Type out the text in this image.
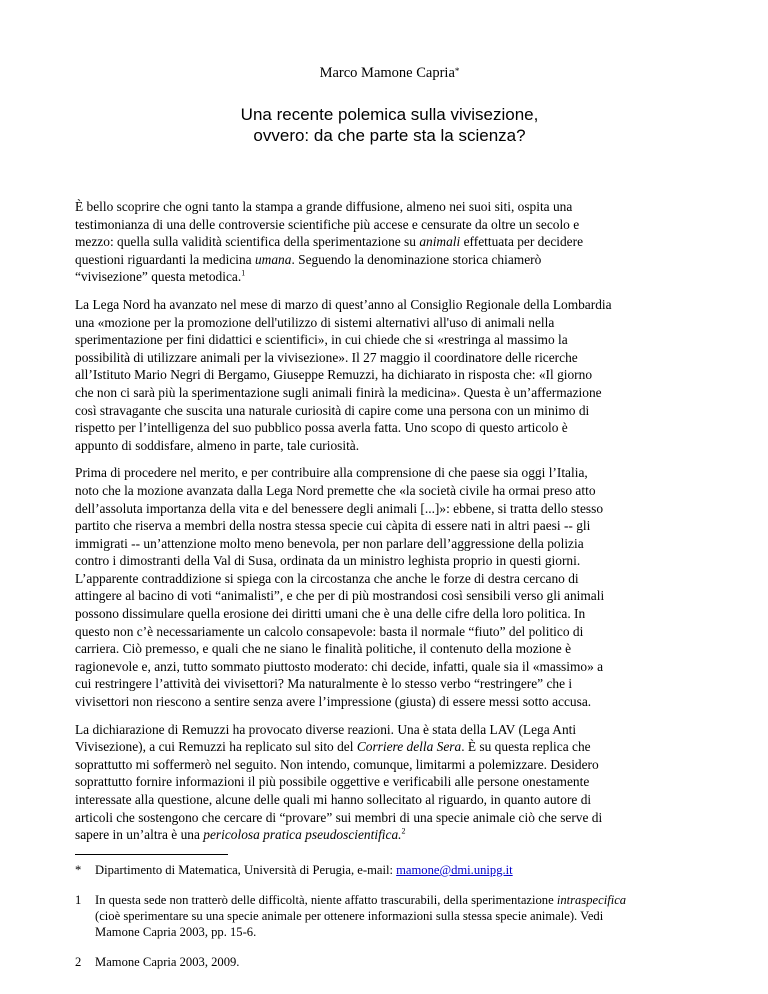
Marco Mamone Capria*
Una recente polemica sulla vivisezione,
ovvero: da che parte sta la scienza?

È bello scoprire che ogni tanto la stampa a grande diffusione, almeno nei suoi siti, ospita una
testimonianza di una delle controversie scientifiche più accese e censurate da oltre un secolo e
mezzo: quella sulla validità scientifica della sperimentazione su animali effettuata per decidere
questioni riguardanti la medicina umana. Seguendo la denominazione storica chiamerò
“vivisezione” questa metodica.$^1$

La Lega Nord ha avanzato nel mese di marzo di quest’anno al Consiglio Regionale della Lombardia
una «mozione per la promozione dell'utilizzo di sistemi alternativi all'uso di animali nella
sperimentazione per fini didattici e scientifici», in cui chiede che si «restringa al massimo la
possibilità di utilizzare animali per la vivisezione». Il 27 maggio il coordinatore delle ricerche
all’Istituto Mario Negri di Bergamo, Giuseppe Remuzzi, ha dichiarato in risposta che: «Il giorno
che non ci sarà più la sperimentazione sugli animali finirà la medicina». Questa è un’affermazione
così stravagante che suscita una naturale curiosità di capire come una persona con un minimo di
rispetto per l’intelligenza del suo pubblico possa averla fatta. Uno scopo di questo articolo è
appunto di soddisfare, almeno in parte, tale curiosità.

Prima di procedere nel merito, e per contribuire alla comprensione di che paese sia oggi l’Italia,
noto che la mozione avanzata dalla Lega Nord premette che «la società civile ha ormai preso atto
dell’assoluta importanza della vita e del benessere degli animali [...]»: ebbene, si tratta dello stesso
partito che riserva a membri della nostra stessa specie cui càpita di essere nati in altri paesi -- gli
immigrati -- un’attenzione molto meno benevola, per non parlare dell’aggressione della polizia
contro i dimostranti della Val di Susa, ordinata da un ministro leghista proprio in questi giorni.
L’apparente contraddizione si spiega con la circostanza che anche le forze di destra cercano di
attingere al bacino di voti “animalisti”, e che per di più mostrandosi così sensibili verso gli animali
possono dissimulare quella erosione dei diritti umani che è una delle cifre della loro politica. In
questo non c’è necessariamente un calcolo consapevole: basta il normale “fiuto” del politico di
carriera. Ciò premesso, e quali che ne siano le finalità politiche, il contenuto della mozione è
ragionevole e, anzi, tutto sommato piuttosto moderato: chi decide, infatti, quale sia il «massimo» a
cui restringere l’attività dei vivisettori? Ma naturalmente è lo stesso verbo “restringere” che i
vivisettori non riescono a sentire senza avere l’impressione (giusta) di essere messi sotto accusa.

La dichiarazione di Remuzzi ha provocato diverse reazioni. Una è stata della LAV (Lega Anti
Vivisezione), a cui Remuzzi ha replicato sul sito del Corriere della Sera. È su questa replica che
soprattutto mi soffermerò nel seguito. Non intendo, comunque, limitarmi a polemizzare. Desidero
soprattutto fornire informazioni il più possibile oggettive e verificabili alle persone onestamente
interessate alla questione, alcune delle quali mi hanno sollecitato al riguardo, in quanto autore di
articoli che sostengono che cercare di “provare” sui membri di una specie animale ciò che serve di
sapere in un’altra è una pericolosa pratica pseudoscientifica.$^2$

*	Dipartimento di Matematica, Università di Perugia, e-mail: mamone@dmi.unipg.it
1	In questa sede non tratterò delle difficoltà, niente affatto trascurabili, della sperimentazione intraspecifica
(cioè sperimentare su una specie animale per ottenere informazioni sulla stessa specie animale). Vedi
Mamone Capria 2003, pp. 15-6.
2	Mamone Capria 2003, 2009.
